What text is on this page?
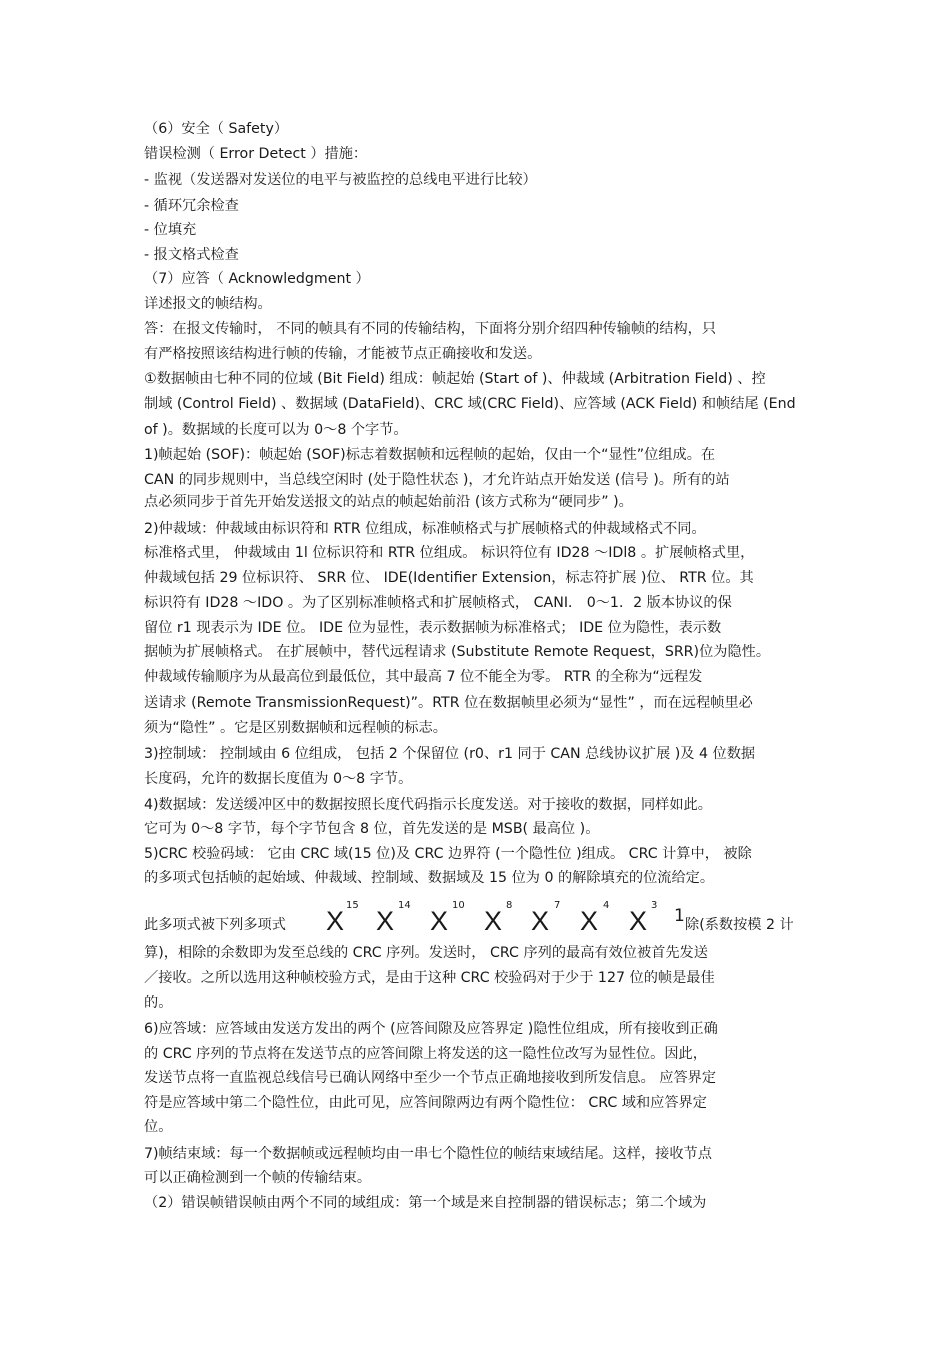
（6）安全（ Safety）
错误检测（ Error Detect ）措施：
- 监视（发送器对发送位的电平与被监控的总线电平进行比较）
- 循环冗余检查
- 位填充
- 报文格式检查
（7）应答（ Acknowledgment ）
详述报文的帧结构。
答：在报文传输时， 不同的帧具有不同的传输结构，下面将分别介绍四种传输帧的结构，只
有严格按照该结构进行帧的传输，才能被节点正确接收和发送。
①数据帧由七种不同的位域 (Bit Field) 组成：帧起始 (Start of )、仲裁域 (Arbitration Field) 、控
制域 (Control Field) 、数据域 (DataField)、CRC 域(CRC Field)、应答域 (ACK Field) 和帧结尾 (End
of )。数据域的长度可以为 0～8 个字节。
1)帧起始 (SOF)：帧起始 (SOF)标志着数据帧和远程帧的起始，仅由一个“显性”位组成。在
CAN 的同步规则中，当总线空闲时 (处于隐性状态 )，才允许站点开始发送 (信号 )。所有的站
点必须同步于首先开始发送报文的站点的帧起始前沿 (该方式称为“硬同步” )。
2)仲裁域：仲裁域由标识符和 RTR 位组成，标准帧格式与扩展帧格式的仲裁域格式不同。
标准格式里， 仲裁域由 1l 位标识符和 RTR 位组成。 标识符位有 ID28 ～IDl8 。扩展帧格式里，
仲裁域包括 29 位标识符、 SRR 位、 IDE(Identifier Extension，标志符扩展 )位、 RTR 位。其
标识符有 ID28 ～IDO 。为了区别标准帧格式和扩展帧格式， CANI． 0～1．2 版本协议的保
留位 r1 现表示为 IDE 位。 IDE 位为显性，表示数据帧为标准格式； IDE 位为隐性，表示数
据帧为扩展帧格式。 在扩展帧中，替代远程请求 (Substitute Remote Request，SRR)位为隐性。
仲裁域传输顺序为从最高位到最低位，其中最高 7 位不能全为零。 RTR 的全称为“远程发
送请求 (Remote TransmissionRequest)”。RTR 位在数据帧里必须为“显性” ，而在远程帧里必
须为“隐性” 。它是区别数据帧和远程帧的标志。
3)控制域： 控制域由 6 位组成， 包括 2 个保留位 (r0、r1 同于 CAN 总线协议扩展 )及 4 位数据
长度码，允许的数据长度值为 0～8 字节。
4)数据域：发送缓冲区中的数据按照长度代码指示长度发送。对于接收的数据，同样如此。
它可为 0～8 字节，每个字节包含 8 位，首先发送的是 MSB( 最高位 )。
5)CRC 校验码域： 它由 CRC 域(15 位)及 CRC 边界符 (一个隐性位 )组成。 CRC 计算中， 被除
的多项式包括帧的起始域、仲裁域、控制域、数据域及 15 位为 0 的解除填充的位流给定。
算)，相除的余数即为发至总线的 CRC 序列。发送时， CRC 序列的最高有效位被首先发送
／接收。之所以选用这种帧校验方式，是由于这种 CRC 校验码对于少于 127 位的帧是最佳
的。
6)应答域：应答域由发送方发出的两个 (应答间隙及应答界定 )隐性位组成，所有接收到正确
的 CRC 序列的节点将在发送节点的应答间隙上将发送的这一隐性位改写为显性位。因此，
发送节点将一直监视总线信号已确认网络中至少一个节点正确地接收到所发信息。 应答界定
符是应答域中第二个隐性位，由此可见，应答间隙两边有两个隐性位： CRC 域和应答界定
位。
7)帧结束域：每一个数据帧或远程帧均由一串七个隐性位的帧结束域结尾。这样，接收节点
可以正确检测到一个帧的传输结束。
（2）错误帧错误帧由两个不同的域组成：第一个域是来自控制器的错误标志；第二个域为
此多项式被下列多项式 X
15
X
14
X
10
X
8
X
7
X
4
X
3
1 除(系数按模 2 计
